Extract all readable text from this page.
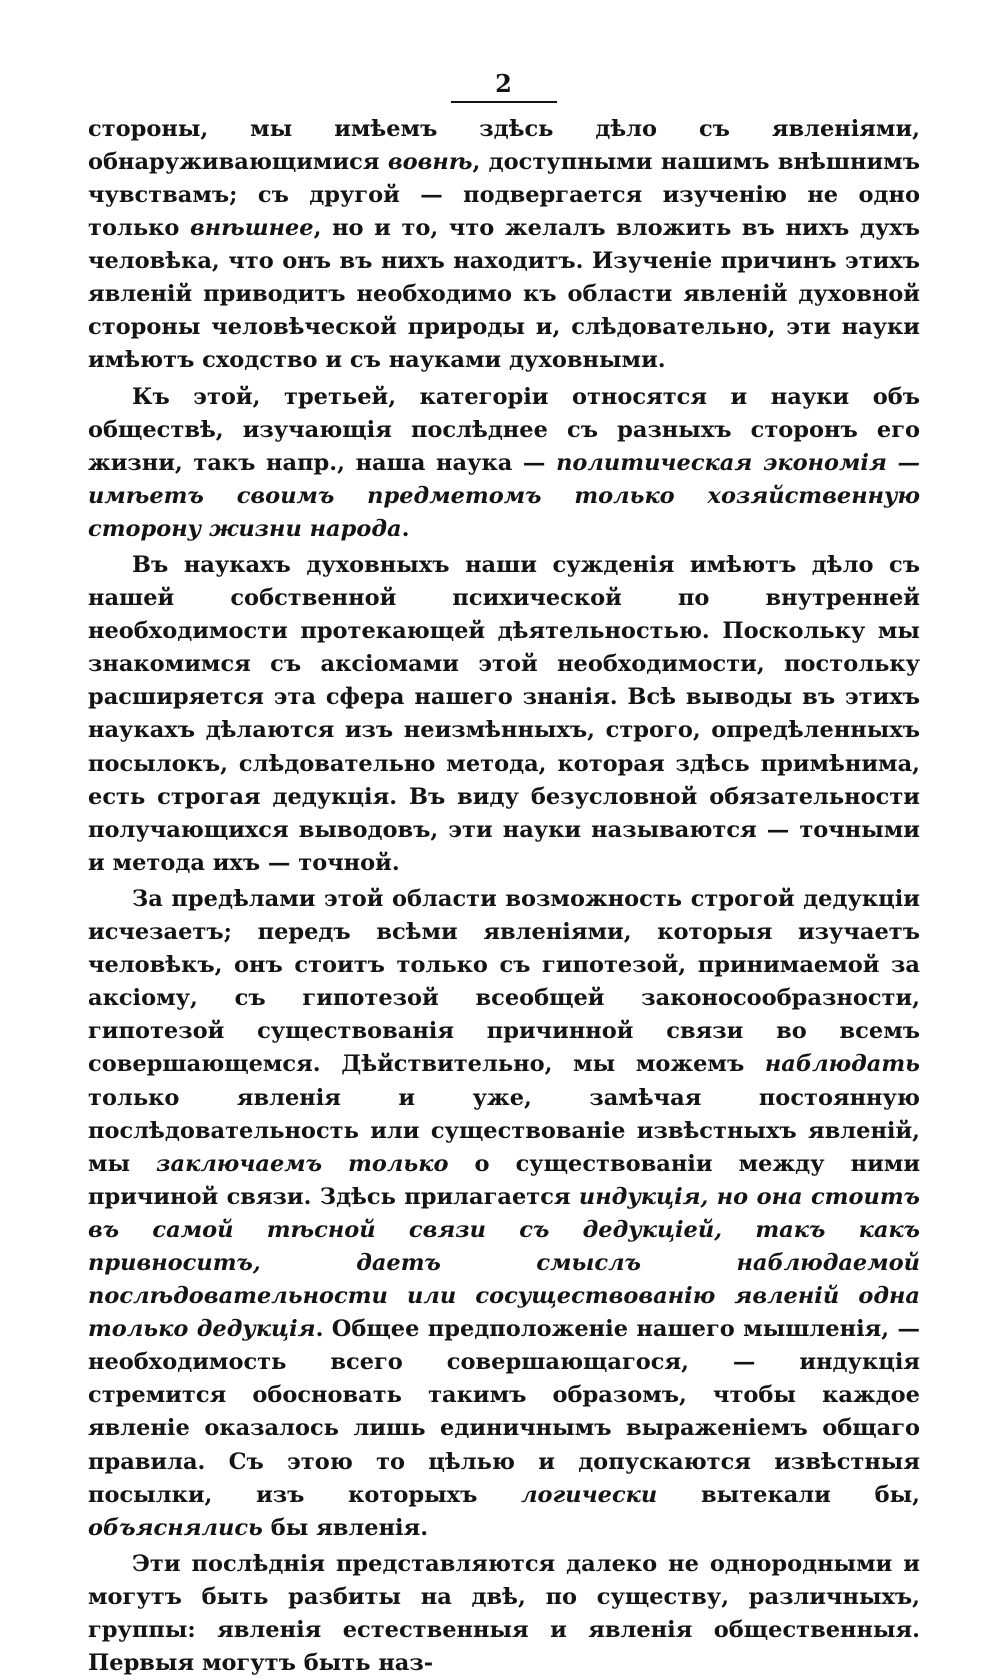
2

стороны, мы имѣемъ здѣсь дѣло съ явленіями, обнаруживающимися вовнѣ, доступными нашимъ внѣшнимъ чувствамъ; съ другой — подвергается изученію не одно только внѣшнее, но и то, что желалъ вложить въ нихъ духъ человѣка, что онъ въ нихъ находитъ. Изученіе причинъ этихъ явленій приводитъ необходимо къ области явленій духовной стороны человѣческой природы и, слѣдовательно, эти науки имѣютъ сходство и съ науками духовными.

Къ этой, третьей, категоріи относятся и науки объ обществѣ, изучающія послѣднее съ разныхъ сторонъ его жизни, такъ напр., наша наука — политическая экономія — имѣетъ своимъ предметомъ только хозяйственную сторону жизни народа.

Въ наукахъ духовныхъ наши сужденія имѣютъ дѣло съ нашей собственной психической по внутренней необходимости протекающей дѣятельностью. Поскольку мы знакомимся съ аксіомами этой необходимости, постольку расширяется эта сфера нашего знанія. Всѣ выводы въ этихъ наукахъ дѣлаются изъ неизмѣнныхъ, строго, опредѣленныхъ посылокъ, слѣдовательно метода, которая здѣсь примѣнима, есть строгая дедукція. Въ виду безусловной обязательности получающихся выводовъ, эти науки называются — точными и метода ихъ — точной.

За предѣлами этой области возможность строгой дедукціи исчезаетъ; передъ всѣми явленіями, которыя изучаетъ человѣкъ, онъ стоитъ только съ гипотезой, принимаемой за аксіому, съ гипотезой всеобщей законосообразности, гипотезой существованія причинной связи во всемъ совершающемся. Дѣйствительно, мы можемъ наблюдать только явленія и уже, замѣчая постоянную послѣдовательность или существованіе извѣстныхъ явленій, мы заключаемъ только о существованіи между ними причиной связи. Здѣсь прилагается индукція, но она стоитъ въ самой тѣсной связи съ дедукціей, такъ какъ привноситъ, даетъ смыслъ наблюдаемой послѣдовательности или сосуществованію явленій одна только дедукція. Общее предположеніе нашего мышленія, — необходимость всего совершающагося, — индукція стремится обосновать такимъ образомъ, чтобы каждое явленіе оказалось лишь единичнымъ выраженіемъ общаго правила. Съ этою то цѣлью и допускаются извѣстныя посылки, изъ которыхъ логически вытекали бы, объяснялись бы явленія.

Эти послѣднія представляются далеко не однородными и могутъ быть разбиты на двѣ, по существу, различныхъ, группы: явленія естественныя и явленія общественныя. Первыя могутъ быть наз-
